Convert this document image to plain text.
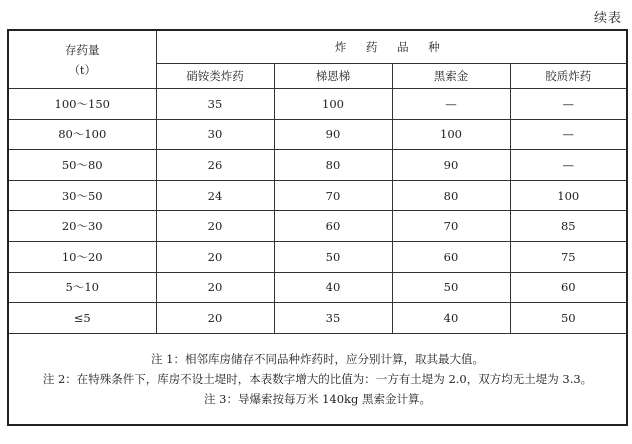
续表
存药量
（t）	炸 药 品 种			
	硝铵类炸药	梯恩梯	黑索金	胶质炸药
100～150	35	100	—	—
80～100	30	90	100	—
50～80	26	80	90	—
30～50	24	70	80	100
20～30	20	60	70	85
10～20	20	50	60	75
5～10	20	40	50	60
≤5	20	35	40	50

注 1：相邻库房储存不同品种炸药时，应分别计算，取其最大值。
注 2：在特殊条件下，库房不设土堤时，本表数字增大的比值为：一方有土堤为 2.0，双方均无土堤为 3.3。
注 3：导爆索按每万米 140kg 黑索金计算。				
